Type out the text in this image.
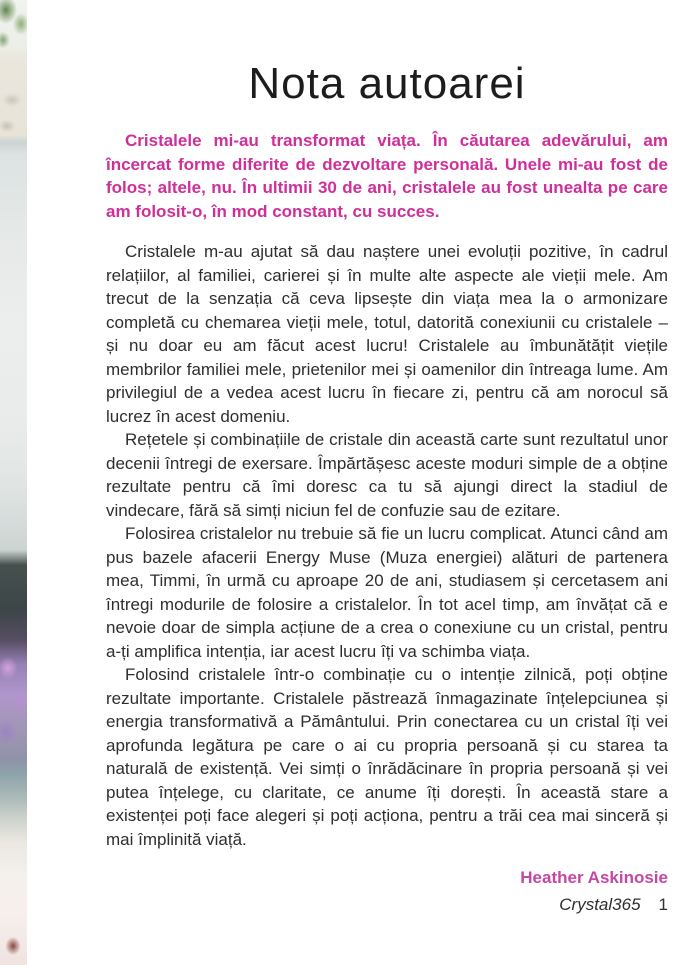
Nota autoarei

Cristalele mi-au transformat viața. În căutarea adevărului, am încercat forme diferite de dezvoltare personală. Unele mi-au fost de folos; altele, nu. În ultimii 30 de ani, cristalele au fost unealta pe care am folosit-o, în mod constant, cu succes.

Cristalele m-au ajutat să dau naștere unei evoluții pozitive, în cadrul relațiilor, al familiei, carierei și în multe alte aspecte ale vieții mele. Am trecut de la senzația că ceva lipsește din viața mea la o armonizare completă cu chemarea vieții mele, totul, datorită conexiunii cu cristalele – și nu doar eu am făcut acest lucru! Cristalele au îmbunătățit viețile membrilor familiei mele, prietenilor mei și oamenilor din întreaga lume. Am privilegiul de a vedea acest lucru în fiecare zi, pentru că am norocul să lucrez în acest domeniu.

Rețetele și combinațiile de cristale din această carte sunt rezultatul unor decenii întregi de exersare. Împărtășesc aceste moduri simple de a obține rezultate pentru că îmi doresc ca tu să ajungi direct la stadiul de vindecare, fără să simți niciun fel de confuzie sau de ezitare.

Folosirea cristalelor nu trebuie să fie un lucru complicat. Atunci când am pus bazele afacerii Energy Muse (Muza energiei) alături de partenera mea, Timmi, în urmă cu aproape 20 de ani, studiasem și cercetasem ani întregi modurile de folosire a cristalelor. În tot acel timp, am învățat că e nevoie doar de simpla acțiune de a crea o conexiune cu un cristal, pentru a-ți amplifica intenția, iar acest lucru îți va schimba viața.

Folosind cristalele într-o combinație cu o intenție zilnică, poți obține rezultate importante. Cristalele păstrează înmagazinate înțelepciunea și energia transformativă a Pământului. Prin conectarea cu un cristal îți vei aprofunda legătura pe care o ai cu propria persoană și cu starea ta naturală de existență. Vei simți o înrădăcinare în propria persoană și vei putea înțelege, cu claritate, ce anume îți dorești. În această stare a existenței poți face alegeri și poți acționa, pentru a trăi cea mai sinceră și mai împlinită viață.

Heather Askinosie

Crystal365 1
